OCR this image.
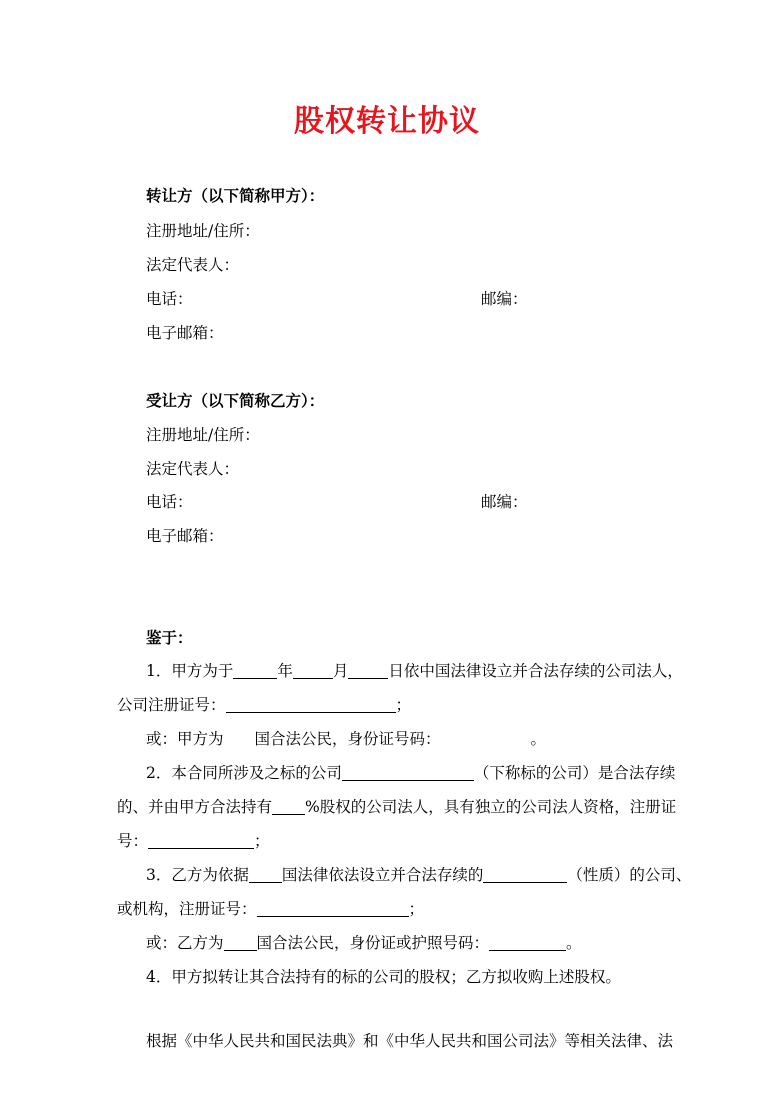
股权转让协议
转让方（以下简称甲方）：
注册地址/住所：
法定代表人：
电话：	邮编：
电子邮箱：
受让方（以下简称乙方）：
注册地址/住所：
法定代表人：
电话：	邮编：
电子邮箱：
鉴于：
1．甲方为于	年	月	日依中国法律设立并合法存续的公司法人，
公司注册证号：	；
或：甲方为 国合法公民，身份证号码：	。
2．本合同所涉及之标的公司	（下称标的公司）是合法存续
的、并由甲方合法持有 %股权的公司法人，具有独立的公司法人资格，注册证
号：	；
3．乙方为依据 国法律依法设立并合法存续的	（性质）的公司、
或机构，注册证号：	；
或：乙方为 国合法公民，身份证或护照号码：	。
4．甲方拟转让其合法持有的标的公司的股权；乙方拟收购上述股权。
根据《中华人民共和国民法典》和《中华人民共和国公司法》等相关法律、法
